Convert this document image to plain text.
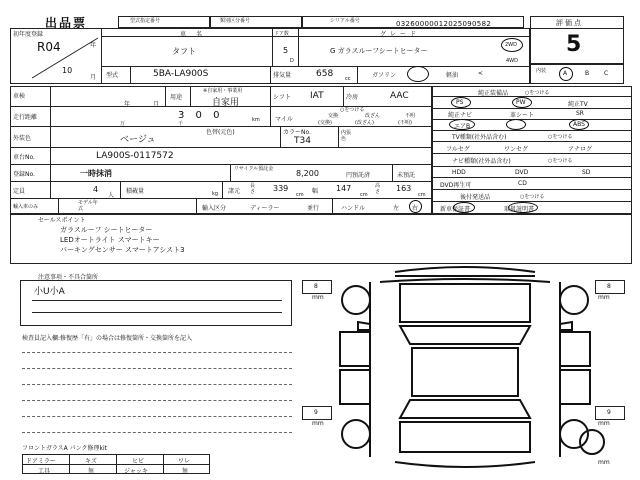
出品票	型式指定番号	類別区分番号	シリアル番号	03260000012025090582	評価点
5
初年度登録
R04	年
10
月
車名
タフト
ドア数
5
D
グレード
G ガラスルーフシートヒーター
2WD
4WD
型式	5BA-LA900S	排気量	658 cc	ガソリン	軽油	<	内装	A	B C
車検
年	月
用途
※自家用・事業用
自家用
シフト IAT	冷房	AAC
走行距離	3 0 0
万	千
km
○をつける
マイル	交換	改ざん	不明
(交換)	(改ざん)	(不明)
外装色	ベージュ
色替(元色)	カラーNo.
T34
内張色
車台No.	LA900S-0117572
登録No.	一時抹消	リサイクル預託金	8,200	円預託済	未預託
定員	4
人
積載量	kg 諸元
長さ 339
cm 幅 147
cm
高さ 163
cm
輸入車のみ
モデル年式	輸入区分	ディーラー	並行	ハンドル	左 右
純正装備品	○をつける
PS	PW	純正TV
純正ナビ	革シート	SR
エアB	ABS
TV種類(社外品含む)	○をつける
フルセグ	ワンセグ	アナログ
ナビ種類(社外品含む)	○をつける
HDD	DVD	SD
DVD再生可	CD
後付発送品	○をつける
新車保証書	取扱説明書
セールスポイント
ガラスルーフ シートヒーター
LEDオートライト スマートキー
パーキングセンサー スマートアシスト3
注意事項・不具合箇所
小U小A
検査員記入欄:修復歴「有」の場合は修復箇所・交換箇所を記入
フロントガラスA パンク修理kit
ドアミラー	キズ	ヒビ	ワレ
工具	無	ジャッキ	無
8
mm
8
mm
9
mm
9
mm
mm
